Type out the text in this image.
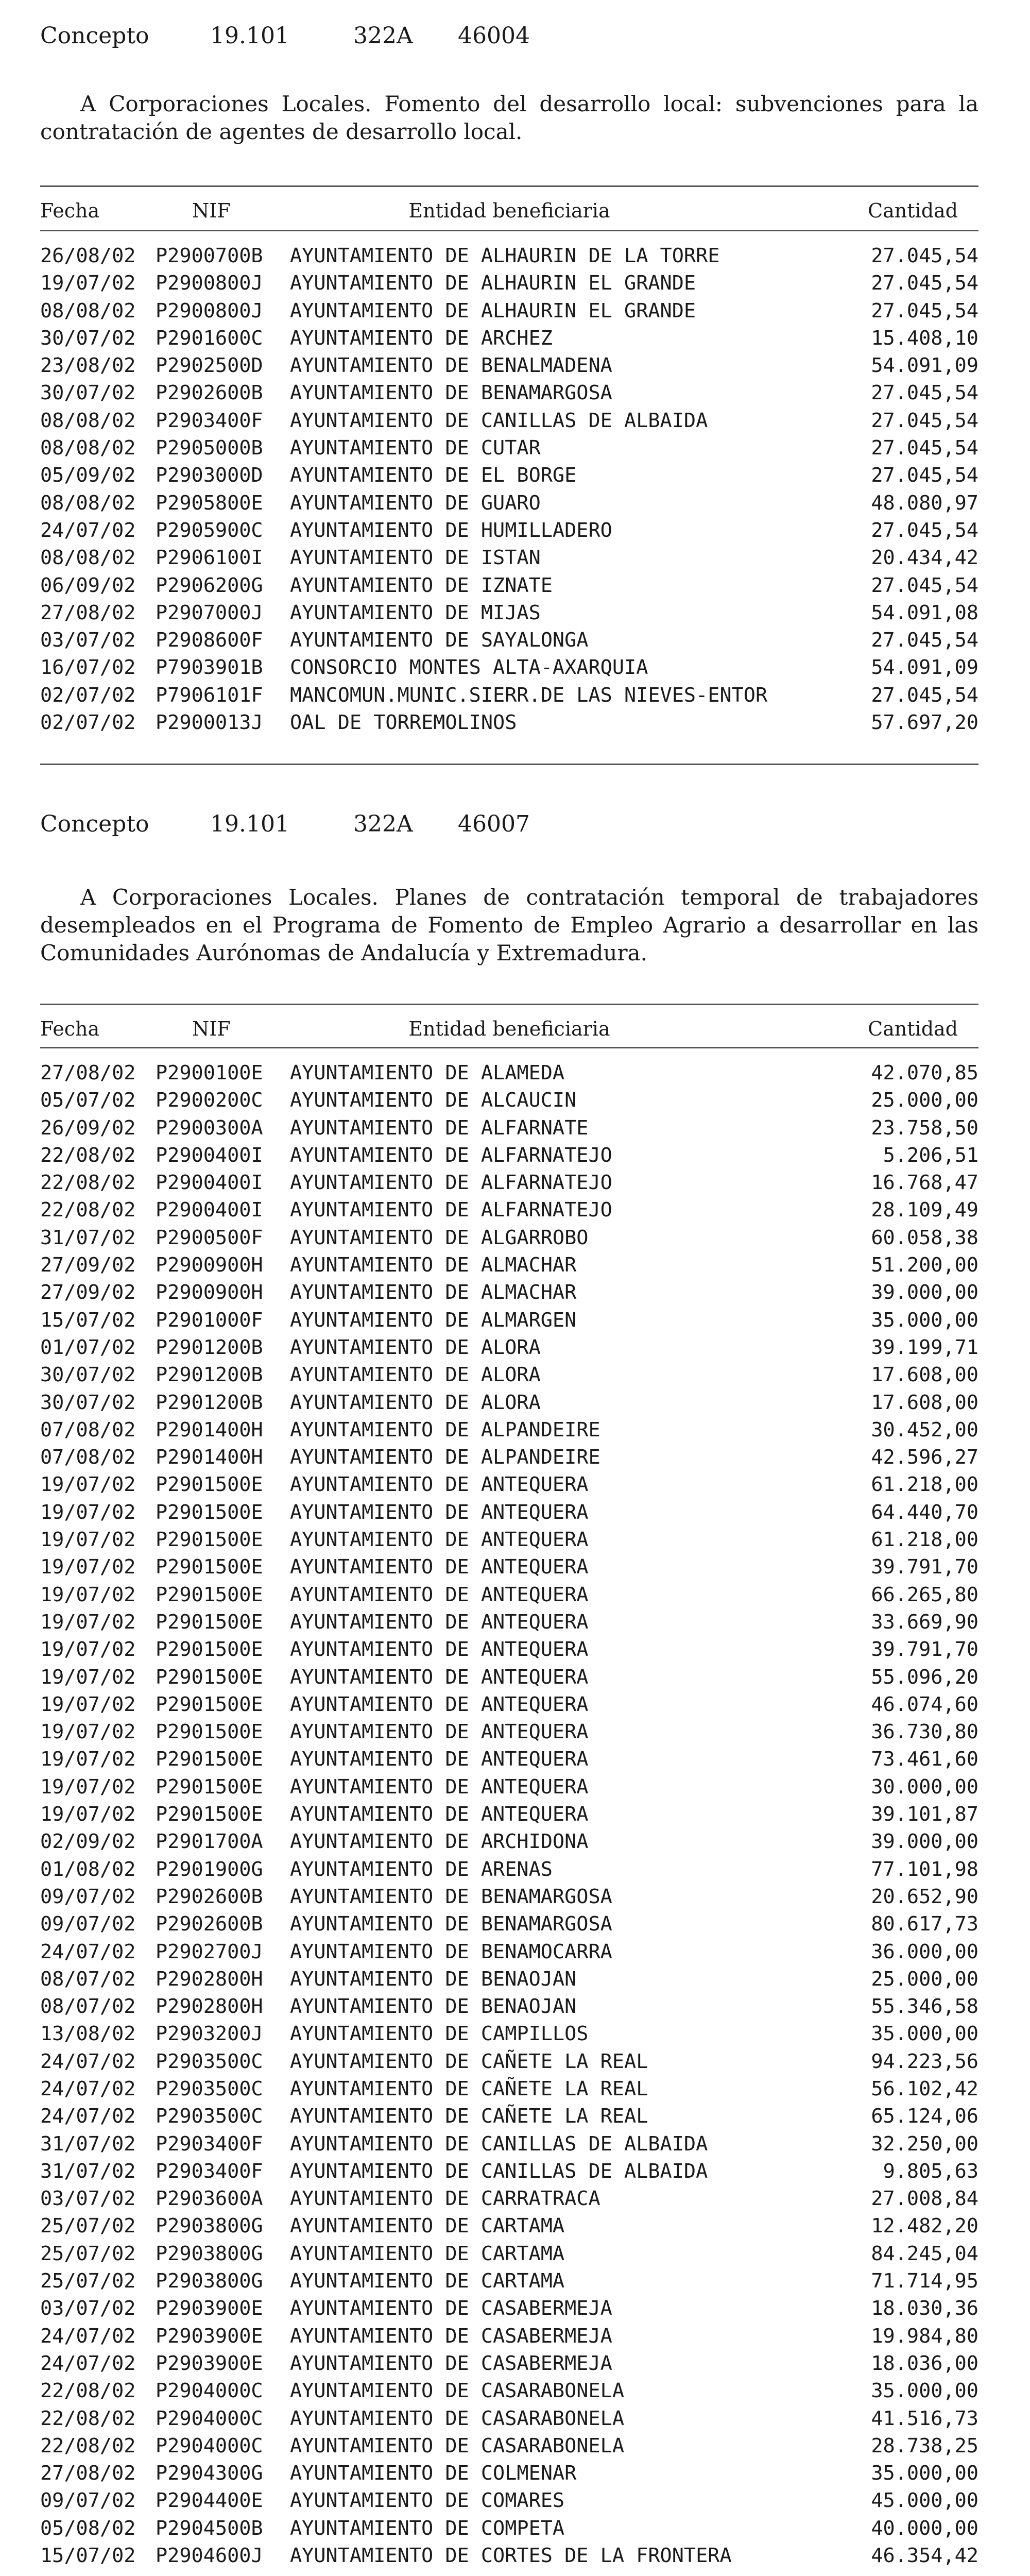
Concepto	19.101	322A 46004
A Corporaciones Locales. Fomento del desarrollo local: subvenciones para la contratación de agentes de desarrollo local.
Fecha	NIF	Entidad beneficiaria	Cantidad
26/08/02 P2900700B AYUNTAMIENTO DE ALHAURIN DE LA TORRE	27.045,54
19/07/02 P2900800J AYUNTAMIENTO DE ALHAURIN EL GRANDE	27.045,54
08/08/02 P2900800J AYUNTAMIENTO DE ALHAURIN EL GRANDE	27.045,54
30/07/02 P2901600C AYUNTAMIENTO DE ARCHEZ	15.408,10
23/08/02 P2902500D AYUNTAMIENTO DE BENALMADENA	54.091,09
30/07/02 P2902600B AYUNTAMIENTO DE BENAMARGOSA	27.045,54
08/08/02 P2903400F AYUNTAMIENTO DE CANILLAS DE ALBAIDA	27.045,54
08/08/02 P2905000B AYUNTAMIENTO DE CUTAR	27.045,54
05/09/02 P2903000D AYUNTAMIENTO DE EL BORGE	27.045,54
08/08/02 P2905800E AYUNTAMIENTO DE GUARO	48.080,97
24/07/02 P2905900C AYUNTAMIENTO DE HUMILLADERO	27.045,54
08/08/02 P2906100I AYUNTAMIENTO DE ISTAN	20.434,42
06/09/02 P2906200G AYUNTAMIENTO DE IZNATE	27.045,54
27/08/02 P2907000J AYUNTAMIENTO DE MIJAS	54.091,08
03/07/02 P2908600F AYUNTAMIENTO DE SAYALONGA	27.045,54
16/07/02 P7903901B CONSORCIO MONTES ALTA-AXARQUIA	54.091,09
02/07/02 P7906101F MANCOMUN.MUNIC.SIERR.DE LAS NIEVES-ENTOR	27.045,54
02/07/02 P2900013J OAL DE TORREMOLINOS	57.697,20
Concepto	19.101	322A 46007
A Corporaciones Locales. Planes de contratación temporal de trabajadores desempleados en el Programa de Fomento de Empleo Agrario a desarrollar en las Comunidades Aurónomas de Andalucía y Extremadura.
Fecha	NIF	Entidad beneficiaria	Cantidad
27/08/02 P2900100E AYUNTAMIENTO DE ALAMEDA	42.070,85
05/07/02 P2900200C AYUNTAMIENTO DE ALCAUCIN	25.000,00
26/09/02 P2900300A AYUNTAMIENTO DE ALFARNATE	23.758,50
22/08/02 P2900400I AYUNTAMIENTO DE ALFARNATEJO	5.206,51
22/08/02 P2900400I AYUNTAMIENTO DE ALFARNATEJO	16.768,47
22/08/02 P2900400I AYUNTAMIENTO DE ALFARNATEJO	28.109,49
31/07/02 P2900500F AYUNTAMIENTO DE ALGARROBO	60.058,38
27/09/02 P2900900H AYUNTAMIENTO DE ALMACHAR	51.200,00
27/09/02 P2900900H AYUNTAMIENTO DE ALMACHAR	39.000,00
15/07/02 P2901000F AYUNTAMIENTO DE ALMARGEN	35.000,00
01/07/02 P2901200B AYUNTAMIENTO DE ALORA	39.199,71
30/07/02 P2901200B AYUNTAMIENTO DE ALORA	17.608,00
30/07/02 P2901200B AYUNTAMIENTO DE ALORA	17.608,00
07/08/02 P2901400H AYUNTAMIENTO DE ALPANDEIRE	30.452,00
07/08/02 P2901400H AYUNTAMIENTO DE ALPANDEIRE	42.596,27
19/07/02 P2901500E AYUNTAMIENTO DE ANTEQUERA	61.218,00
19/07/02 P2901500E AYUNTAMIENTO DE ANTEQUERA	64.440,70
19/07/02 P2901500E AYUNTAMIENTO DE ANTEQUERA	61.218,00
19/07/02 P2901500E AYUNTAMIENTO DE ANTEQUERA	39.791,70
19/07/02 P2901500E AYUNTAMIENTO DE ANTEQUERA	66.265,80
19/07/02 P2901500E AYUNTAMIENTO DE ANTEQUERA	33.669,90
19/07/02 P2901500E AYUNTAMIENTO DE ANTEQUERA	39.791,70
19/07/02 P2901500E AYUNTAMIENTO DE ANTEQUERA	55.096,20
19/07/02 P2901500E AYUNTAMIENTO DE ANTEQUERA	46.074,60
19/07/02 P2901500E AYUNTAMIENTO DE ANTEQUERA	36.730,80
19/07/02 P2901500E AYUNTAMIENTO DE ANTEQUERA	73.461,60
19/07/02 P2901500E AYUNTAMIENTO DE ANTEQUERA	30.000,00
19/07/02 P2901500E AYUNTAMIENTO DE ANTEQUERA	39.101,87
02/09/02 P2901700A AYUNTAMIENTO DE ARCHIDONA	39.000,00
01/08/02 P2901900G AYUNTAMIENTO DE ARENAS	77.101,98
09/07/02 P2902600B AYUNTAMIENTO DE BENAMARGOSA	20.652,90
09/07/02 P2902600B AYUNTAMIENTO DE BENAMARGOSA	80.617,73
24/07/02 P2902700J AYUNTAMIENTO DE BENAMOCARRA	36.000,00
08/07/02 P2902800H AYUNTAMIENTO DE BENAOJAN	25.000,00
08/07/02 P2902800H AYUNTAMIENTO DE BENAOJAN	55.346,58
13/08/02 P2903200J AYUNTAMIENTO DE CAMPILLOS	35.000,00
24/07/02 P2903500C AYUNTAMIENTO DE CAÑETE LA REAL	94.223,56
24/07/02 P2903500C AYUNTAMIENTO DE CAÑETE LA REAL	56.102,42
24/07/02 P2903500C AYUNTAMIENTO DE CAÑETE LA REAL	65.124,06
31/07/02 P2903400F AYUNTAMIENTO DE CANILLAS DE ALBAIDA	32.250,00
31/07/02 P2903400F AYUNTAMIENTO DE CANILLAS DE ALBAIDA	9.805,63
03/07/02 P2903600A AYUNTAMIENTO DE CARRATRACA	27.008,84
25/07/02 P2903800G AYUNTAMIENTO DE CARTAMA	12.482,20
25/07/02 P2903800G AYUNTAMIENTO DE CARTAMA	84.245,04
25/07/02 P2903800G AYUNTAMIENTO DE CARTAMA	71.714,95
03/07/02 P2903900E AYUNTAMIENTO DE CASABERMEJA	18.030,36
24/07/02 P2903900E AYUNTAMIENTO DE CASABERMEJA	19.984,80
24/07/02 P2903900E AYUNTAMIENTO DE CASABERMEJA	18.036,00
22/08/02 P2904000C AYUNTAMIENTO DE CASARABONELA	35.000,00
22/08/02 P2904000C AYUNTAMIENTO DE CASARABONELA	41.516,73
22/08/02 P2904000C AYUNTAMIENTO DE CASARABONELA	28.738,25
27/08/02 P2904300G AYUNTAMIENTO DE COLMENAR	35.000,00
09/07/02 P2904400E AYUNTAMIENTO DE COMARES	45.000,00
05/08/02 P2904500B AYUNTAMIENTO DE COMPETA	40.000,00
15/07/02 P2904600J AYUNTAMIENTO DE CORTES DE LA FRONTERA	46.354,42
